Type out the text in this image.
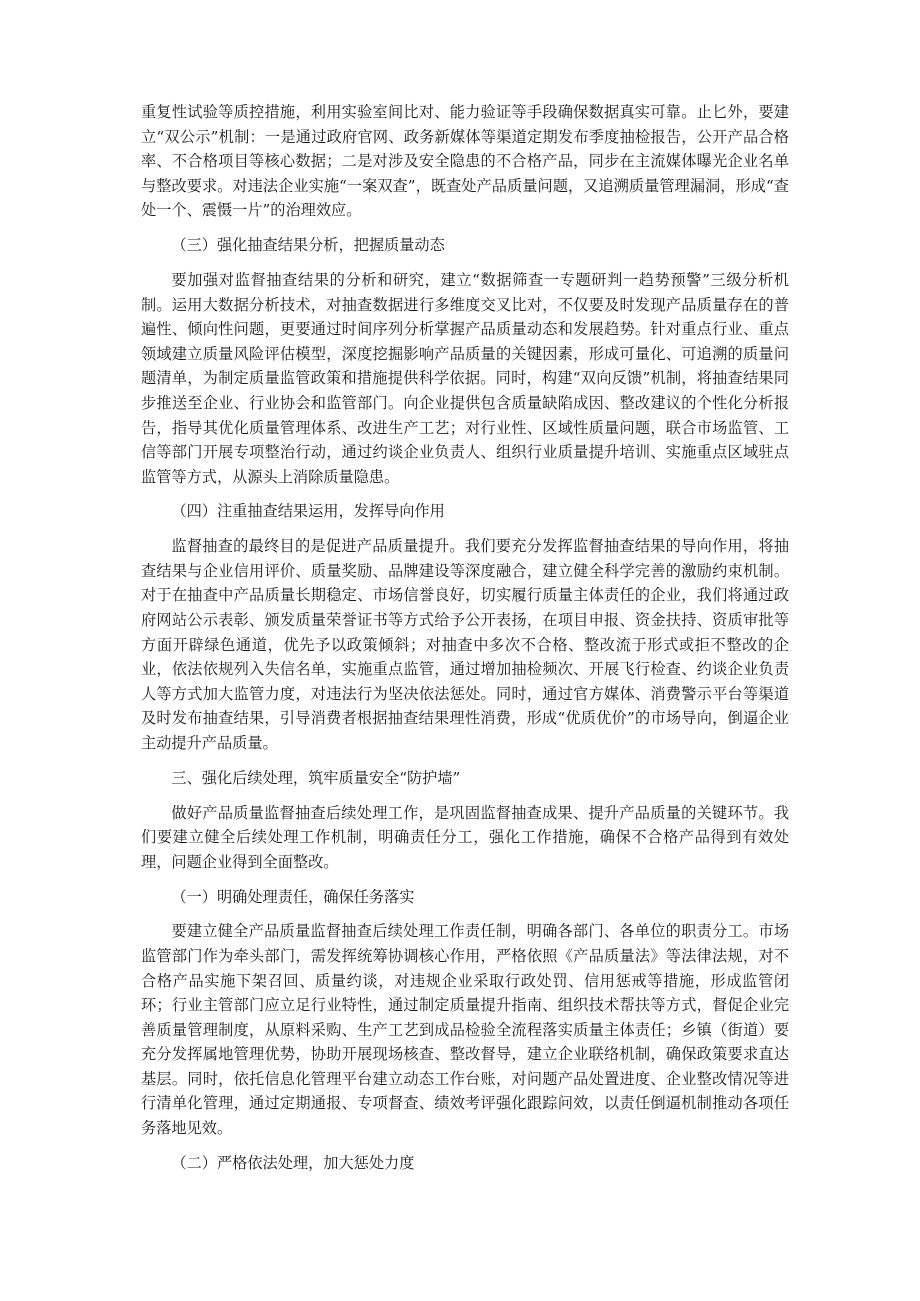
重复性试验等质控措施，利用实验室间比对、能力验证等手段确保数据真实可靠。止匕外，要建立“双公示”机制：一是通过政府官网、政务新媒体等渠道定期发布季度抽检报告，公开产品合格率、不合格项目等核心数据；二是对涉及安全隐患的不合格产品，同步在主流媒体曝光企业名单与整改要求。对违法企业实施“一案双查”，既查处产品质量问题，又追溯质量管理漏洞，形成“查处一个、震慑一片”的治理效应。

（三）强化抽查结果分析，把握质量动态

要加强对监督抽查结果的分析和研究，建立“数据筛查一专题研判一趋势预警”三级分析机制。运用大数据分析技术，对抽查数据进行多维度交叉比对，不仅要及时发现产品质量存在的普遍性、倾向性问题，更要通过时间序列分析掌握产品质量动态和发展趋势。针对重点行业、重点领域建立质量风险评估模型，深度挖掘影响产品质量的关键因素，形成可量化、可追溯的质量问题清单，为制定质量监管政策和措施提供科学依据。同时，构建“双向反馈”机制，将抽查结果同步推送至企业、行业协会和监管部门。向企业提供包含质量缺陷成因、整改建议的个性化分析报告，指导其优化质量管理体系、改进生产工艺；对行业性、区域性质量问题，联合市场监管、工信等部门开展专项整治行动，通过约谈企业负责人、组织行业质量提升培训、实施重点区域驻点监管等方式，从源头上消除质量隐患。

（四）注重抽查结果运用，发挥导向作用

监督抽查的最终目的是促进产品质量提升。我们要充分发挥监督抽查结果的导向作用，将抽查结果与企业信用评价、质量奖励、品牌建设等深度融合，建立健全科学完善的激励约束机制。对于在抽查中产品质量长期稳定、市场信誉良好，切实履行质量主体责任的企业，我们将通过政府网站公示表彰、颁发质量荣誉证书等方式给予公开表扬，在项目申报、资金扶持、资质审批等方面开辟绿色通道，优先予以政策倾斜；对抽查中多次不合格、整改流于形式或拒不整改的企业，依法依规列入失信名单，实施重点监管，通过增加抽检频次、开展飞行检查、约谈企业负责人等方式加大监管力度，对违法行为坚决依法惩处。同时，通过官方媒体、消费警示平台等渠道及时发布抽查结果，引导消费者根据抽查结果理性消费，形成“优质优价”的市场导向，倒逼企业主动提升产品质量。

三、强化后续处理，筑牢质量安全“防护墙”

做好产品质量监督抽查后续处理工作，是巩固监督抽查成果、提升产品质量的关键环节。我们要建立健全后续处理工作机制，明确责任分工，强化工作措施，确保不合格产品得到有效处理，问题企业得到全面整改。

（一）明确处理责任，确保任务落实

要建立健全产品质量监督抽查后续处理工作责任制，明确各部门、各单位的职责分工。市场监管部门作为牵头部门，需发挥统筹协调核心作用，严格依照《产品质量法》等法律法规，对不合格产品实施下架召回、质量约谈，对违规企业采取行政处罚、信用惩戒等措施，形成监管闭环；行业主管部门应立足行业特性，通过制定质量提升指南、组织技术帮扶等方式，督促企业完善质量管理制度，从原料采购、生产工艺到成品检验全流程落实质量主体责任；乡镇（街道）要充分发挥属地管理优势，协助开展现场核查、整改督导，建立企业联络机制，确保政策要求直达基层。同时，依托信息化管理平台建立动态工作台账，对问题产品处置进度、企业整改情况等进行清单化管理，通过定期通报、专项督查、绩效考评强化跟踪问效，以责任倒逼机制推动各项任务落地见效。

（二）严格依法处理，加大惩处力度
